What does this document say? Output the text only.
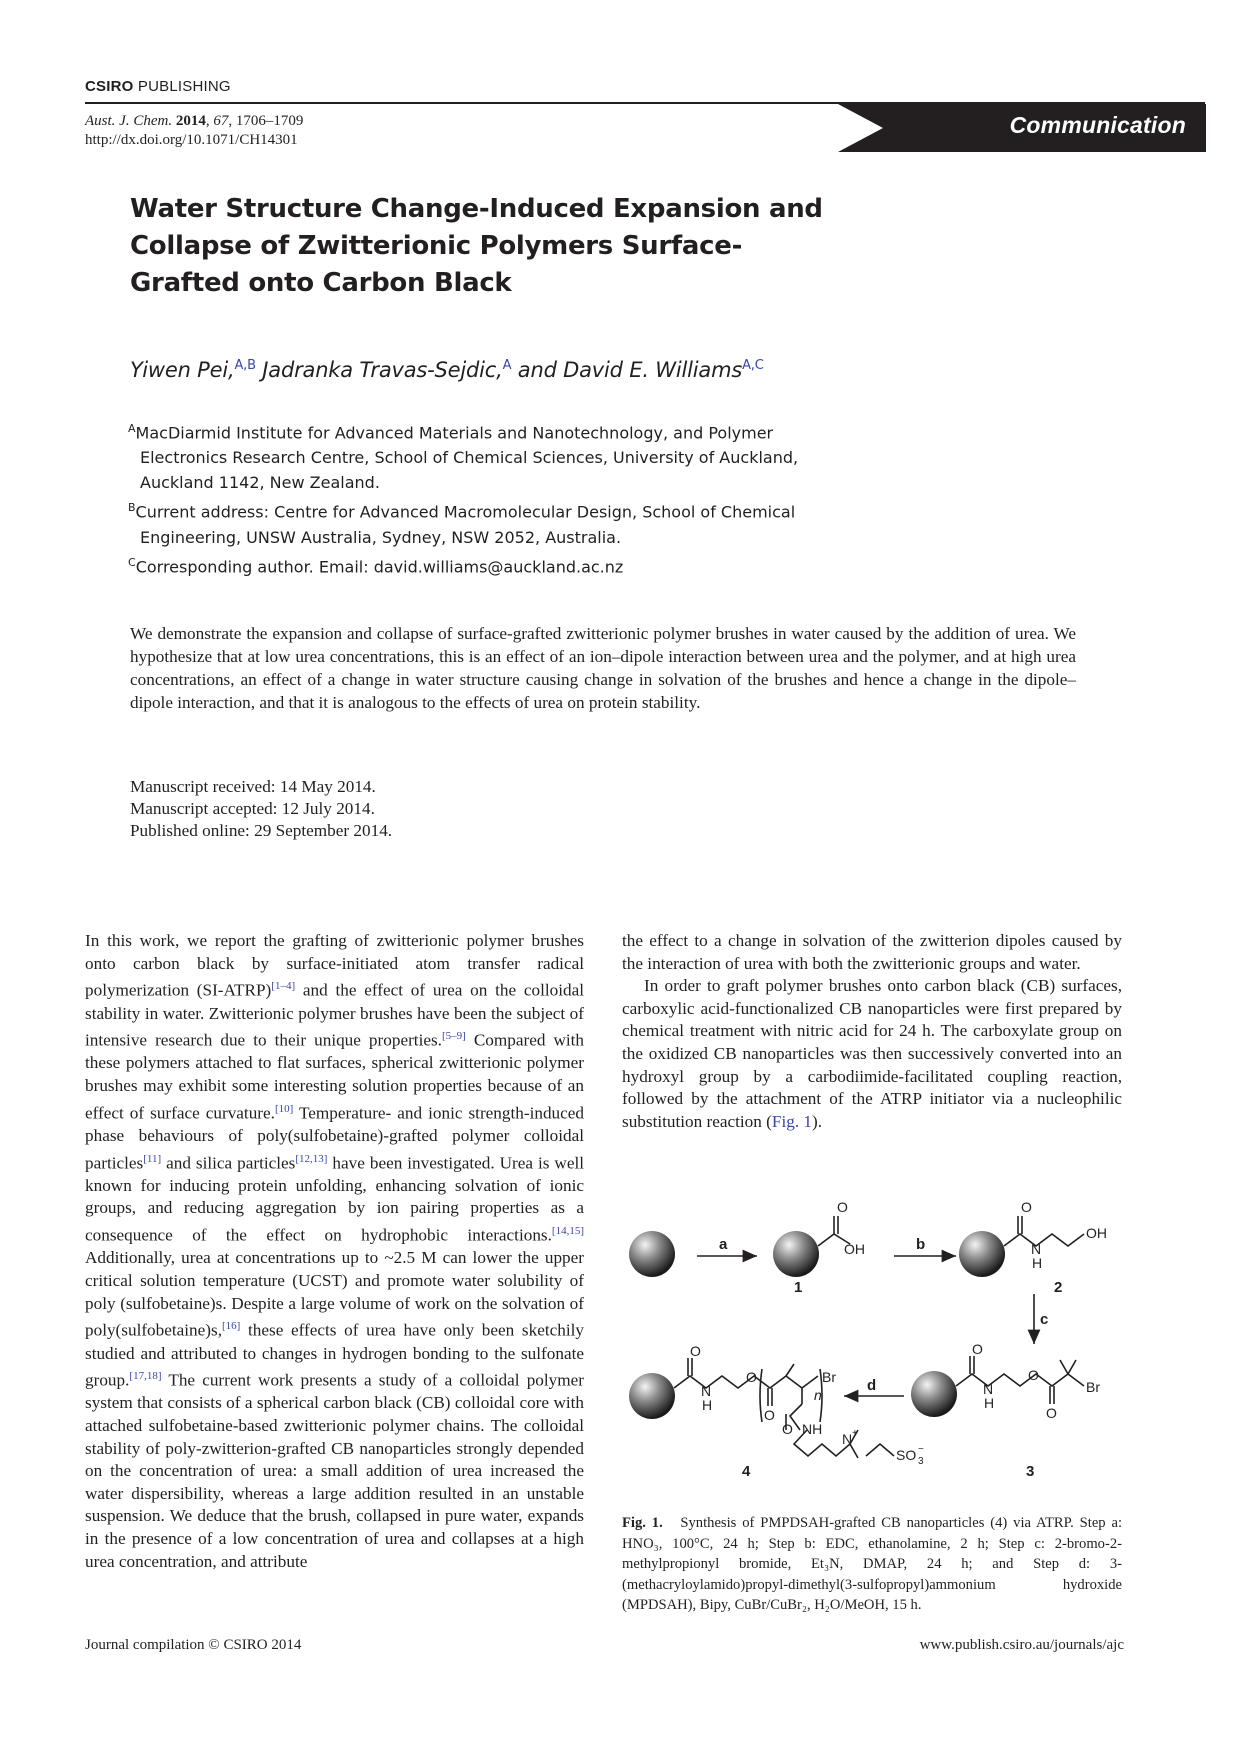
CSIRO PUBLISHING
Aust. J. Chem. 2014, 67, 1706–1709
http://dx.doi.org/10.1071/CH14301
Communication
Water Structure Change-Induced Expansion and Collapse of Zwitterionic Polymers Surface-Grafted onto Carbon Black
Yiwen Pei,$^{A,B}$ Jadranka Travas-Sejdic,$^A$ and David E. Williams$^{A,C}$
$^A$MacDiarmid Institute for Advanced Materials and Nanotechnology, and Polymer Electronics Research Centre, School of Chemical Sciences, University of Auckland, Auckland 1142, New Zealand.
$^B$Current address: Centre for Advanced Macromolecular Design, School of Chemical Engineering, UNSW Australia, Sydney, NSW 2052, Australia.
$^C$Corresponding author. Email: david.williams@auckland.ac.nz
We demonstrate the expansion and collapse of surface-grafted zwitterionic polymer brushes in water caused by the addition of urea. We hypothesize that at low urea concentrations, this is an effect of an ion–dipole interaction between urea and the polymer, and at high urea concentrations, an effect of a change in water structure causing change in solvation of the brushes and hence a change in the dipole–dipole interaction, and that it is analogous to the effects of urea on protein stability.
Manuscript received: 14 May 2014.
Manuscript accepted: 12 July 2014.
Published online: 29 September 2014.

In this work, we report the grafting of zwitterionic polymer brushes onto carbon black by surface-initiated atom transfer radical polymerization (SI-ATRP)[1–4] and the effect of urea on the colloidal stability in water. Zwitterionic polymer brushes have been the subject of intensive research due to their unique properties.[5–9] Compared with these polymers attached to flat surfaces, spherical zwitterionic polymer brushes may exhibit some interesting solution properties because of an effect of surface curvature.[10] Temperature- and ionic strength-induced phase behaviours of poly(sulfobetaine)-grafted polymer colloidal particles[11] and silica particles[12,13] have been investigated. Urea is well known for inducing protein unfolding, enhancing solvation of ionic groups, and reducing aggregation by ion pairing properties as a consequence of the effect on hydrophobic interactions.[14,15] Additionally, urea at concentrations up to ~2.5 M can lower the upper critical solution temperature (UCST) and promote water solubility of poly (sulfobetaine)s. Despite a large volume of work on the solvation of poly(sulfobetaine)s,[16] these effects of urea have only been sketchily studied and attributed to changes in hydrogen bonding to the sulfonate group.[17,18] The current work presents a study of a colloidal polymer system that consists of a spherical carbon black (CB) colloidal core with attached sulfobetaine-based zwitterionic polymer chains. The colloidal stability of poly-zwitterion-grafted CB nanoparticles strongly depended on the concentration of urea: a small addition of urea increased the water dispersibility, whereas a large addition resulted in an unstable suspension. We deduce that the brush, collapsed in pure water, expands in the presence of a low concentration of urea and collapses at a high urea concentration, and attribute

the effect to a change in solvation of the zwitterion dipoles caused by the interaction of urea with both the zwitterionic groups and water.

In order to graft polymer brushes onto carbon black (CB) surfaces, carboxylic acid-functionalized CB nanoparticles were first prepared by chemical treatment with nitric acid for 24 h. The carboxylate group on the oxidized CB nanoparticles was then successively converted into an hydroxyl group by a carbodiimide-facilitated coupling reaction, followed by the attachment of the ATRP initiator via a nucleophilic substitution reaction (Fig. 1).

O
OH
O
N
H
OH
O
N
H
O
O
Br
O
N
H
O
O
Br
n
O NH
N +
SO 3
−
a	b
c
d
1	2
3
4
Fig. 1. Synthesis of PMPDSAH-grafted CB nanoparticles (4) via ATRP. Step a: HNO₃, 100°C, 24 h; Step b: EDC, ethanolamine, 2 h; Step c: 2-bromo-2-methylpropionyl bromide, Et₃N, DMAP, 24 h; and Step d: 3-(methacryloylamido)propyl-dimethyl(3-sulfopropyl)ammonium hydroxide (MPDSAH), Bipy, CuBr/CuBr₂, H₂O/MeOH, 15 h.
Journal compilation © CSIRO 2014	www.publish.csiro.au/journals/ajc
